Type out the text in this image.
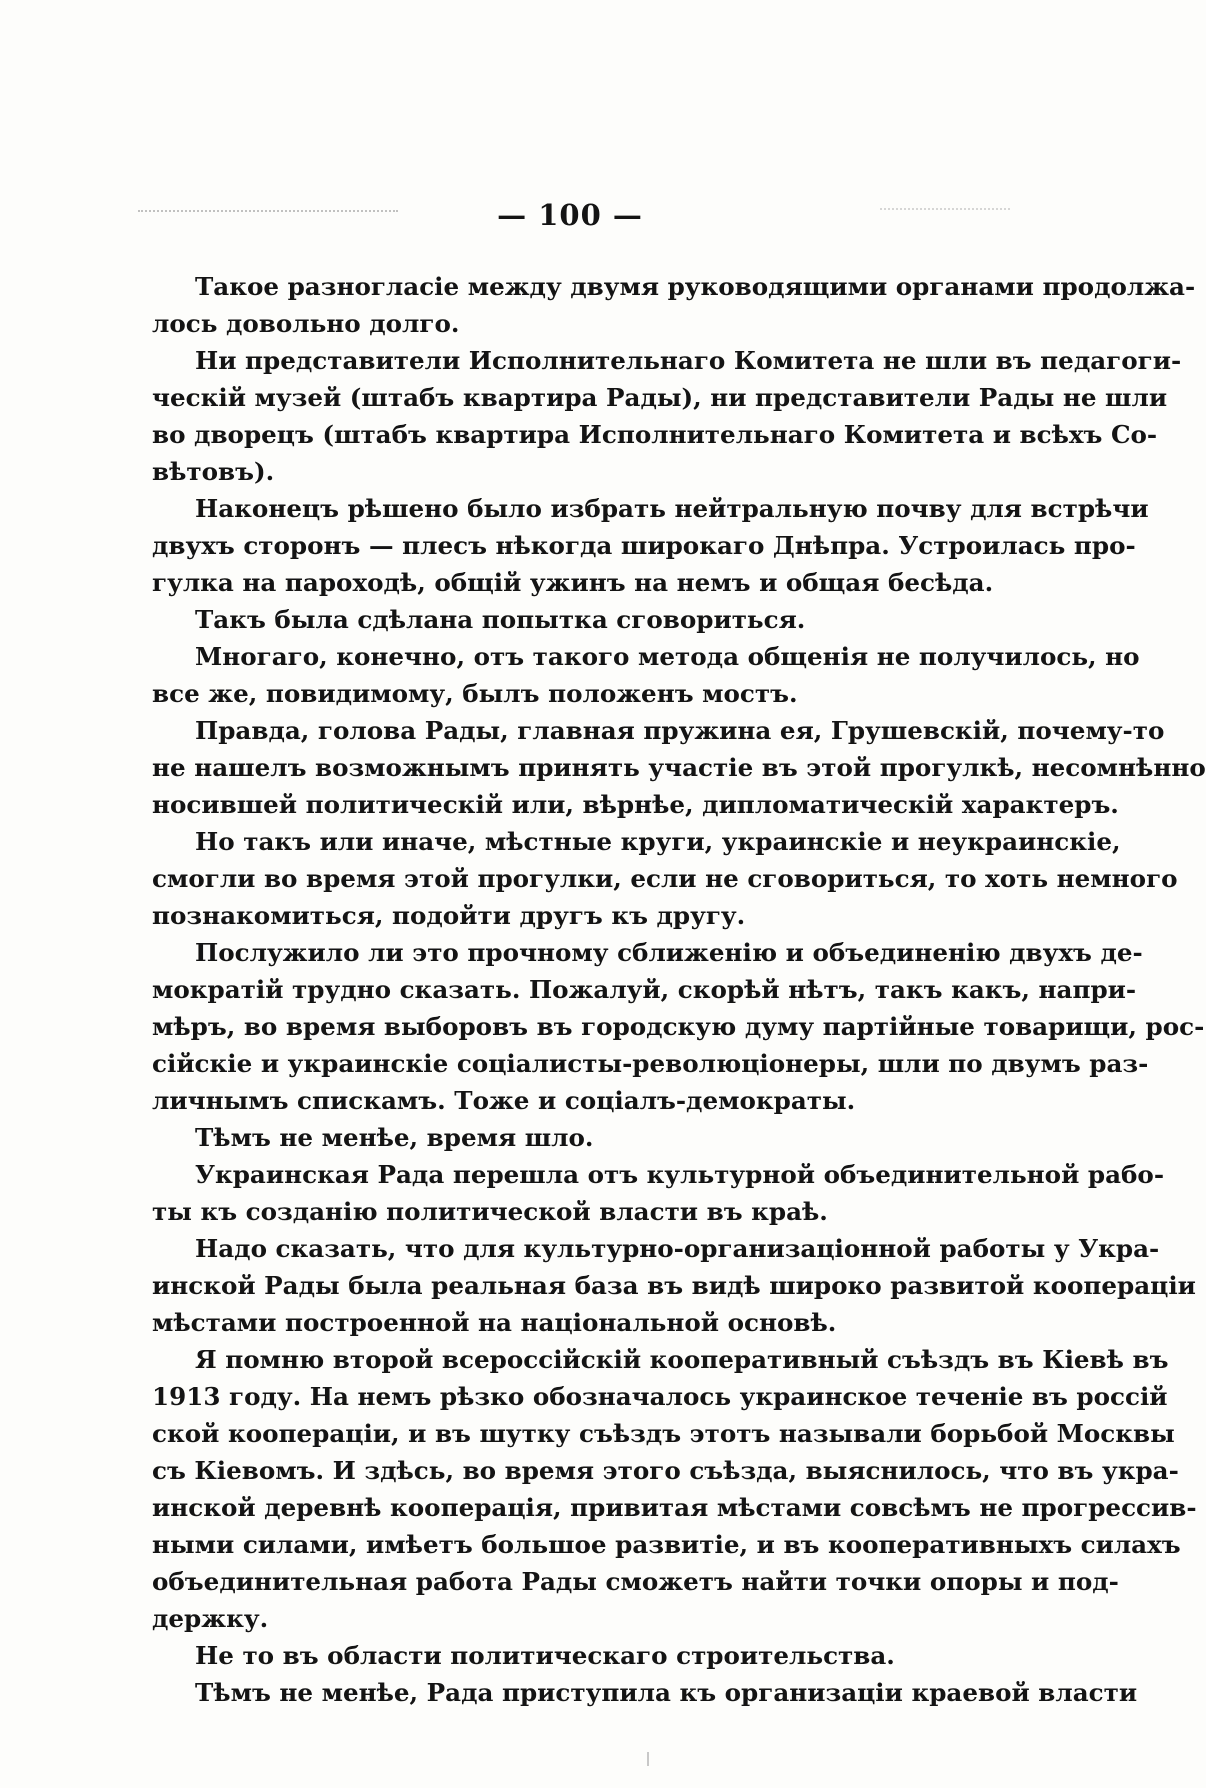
— 100 —
Такое разногласіе между двумя руководящими органами продолжа-
лось довольно долго.
Ни представители Исполнительнаго Комитета не шли въ педагоги-
ческій музей (штабъ квартира Рады), ни представители Рады не шли
во дворецъ (штабъ квартира Исполнительнаго Комитета и всѣхъ Со-
вѣтовъ).
Наконецъ рѣшено было избрать нейтральную почву для встрѣчи
двухъ сторонъ — плесъ нѣкогда широкаго Днѣпра. Устроилась про-
гулка на пароходѣ, общій ужинъ на немъ и общая бесѣда.
Такъ была сдѣлана попытка сговориться.
Многаго, конечно, отъ такого метода общенія не получилось, но
все же, повидимому, былъ положенъ мостъ.
Правда, голова Рады, главная пружина ея, Грушевскій, почему-то
не нашелъ возможнымъ принять участіе въ этой прогулкѣ, несомнѣнно
носившей политическій или, вѣрнѣе, дипломатическій характеръ.
Но такъ или иначе, мѣстные круги, украинскіе и неукраинскіе,
смогли во время этой прогулки, если не сговориться, то хоть немного
познакомиться, подойти другъ къ другу.
Послужило ли это прочному сближенію и объединенію двухъ де-
мократій трудно сказать. Пожалуй, скорѣй нѣтъ, такъ какъ, напри-
мѣръ, во время выборовъ въ городскую думу партійные товарищи, рос-
сійскіе и украинскіе соціалисты-революціонеры, шли по двумъ раз-
личнымъ спискамъ. Тоже и соціалъ-демократы.
Тѣмъ не менѣе, время шло.
Украинская Рада перешла отъ культурной объединительной рабо-
ты къ созданію политической власти въ краѣ.
Надо сказать, что для культурно-организаціонной работы у Укра-
инской Рады была реальная база въ видѣ широко развитой коопераціи
мѣстами построенной на національной основѣ.
Я помню второй всероссійскій кооперативный съѣздъ въ Кіевѣ въ
1913 году. На немъ рѣзко обозначалось украинское теченіе въ россій
ской коопераціи, и въ шутку съѣздъ этотъ называли борьбой Москвы
съ Кіевомъ. И здѣсь, во время этого съѣзда, выяснилось, что въ укра-
инской деревнѣ кооперація, привитая мѣстами совсѣмъ не прогрессив-
ными силами, имѣетъ большое развитіе, и въ кооперативныхъ силахъ
объединительная работа Рады сможетъ найти точки опоры и под-
держку.
Не то въ области политическаго строительства.
Тѣмъ не менѣе, Рада приступила къ организаціи краевой власти
